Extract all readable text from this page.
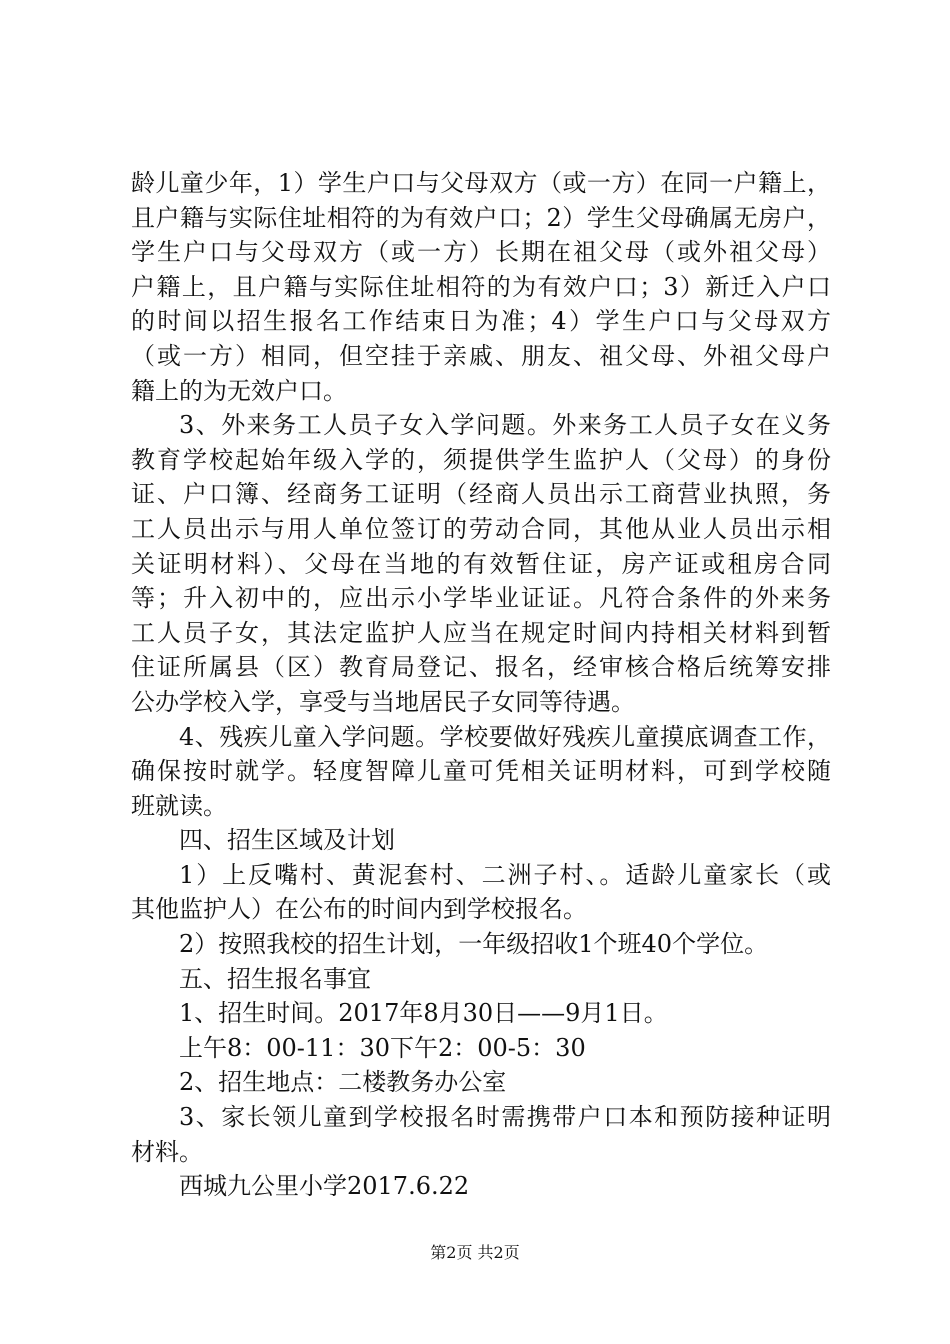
龄儿童少年，1）学生户口与父母双方（或一方）在同一户籍上，
且户籍与实际住址相符的为有效户口；2）学生父母确属无房户，
学生户口与父母双方（或一方）长期在祖父母（或外祖父母）
户籍上，且户籍与实际住址相符的为有效户口；3）新迁入户口
的时间以招生报名工作结束日为准；4）学生户口与父母双方
（或一方）相同，但空挂于亲戚、朋友、祖父母、外祖父母户
籍上的为无效户口。

3、外来务工人员子女入学问题。外来务工人员子女在义务
教育学校起始年级入学的，须提供学生监护人（父母）的身份
证、户口簿、经商务工证明（经商人员出示工商营业执照，务
工人员出示与用人单位签订的劳动合同，其他从业人员出示相
关证明材料）、父母在当地的有效暂住证，房产证或租房合同
等；升入初中的，应出示小学毕业证证。凡符合条件的外来务
工人员子女，其法定监护人应当在规定时间内持相关材料到暂
住证所属县（区）教育局登记、报名，经审核合格后统筹安排
公办学校入学，享受与当地居民子女同等待遇。

4、残疾儿童入学问题。学校要做好残疾儿童摸底调查工作，
确保按时就学。轻度智障儿童可凭相关证明材料，可到学校随
班就读。

四、招生区域及计划

1）上反嘴村、黄泥套村、二洲子村、。适龄儿童家长（或
其他监护人）在公布的时间内到学校报名。

2）按照我校的招生计划，一年级招收1个班40个学位。

五、招生报名事宜

1、招生时间。2017年8月30日——9月1日。

上午8：00-11：30下午2：00-5：30

2、招生地点：二楼教务办公室

3、家长领儿童到学校报名时需携带户口本和预防接种证明
材料。

西城九公里小学2017.6.22

第2页 共2页
